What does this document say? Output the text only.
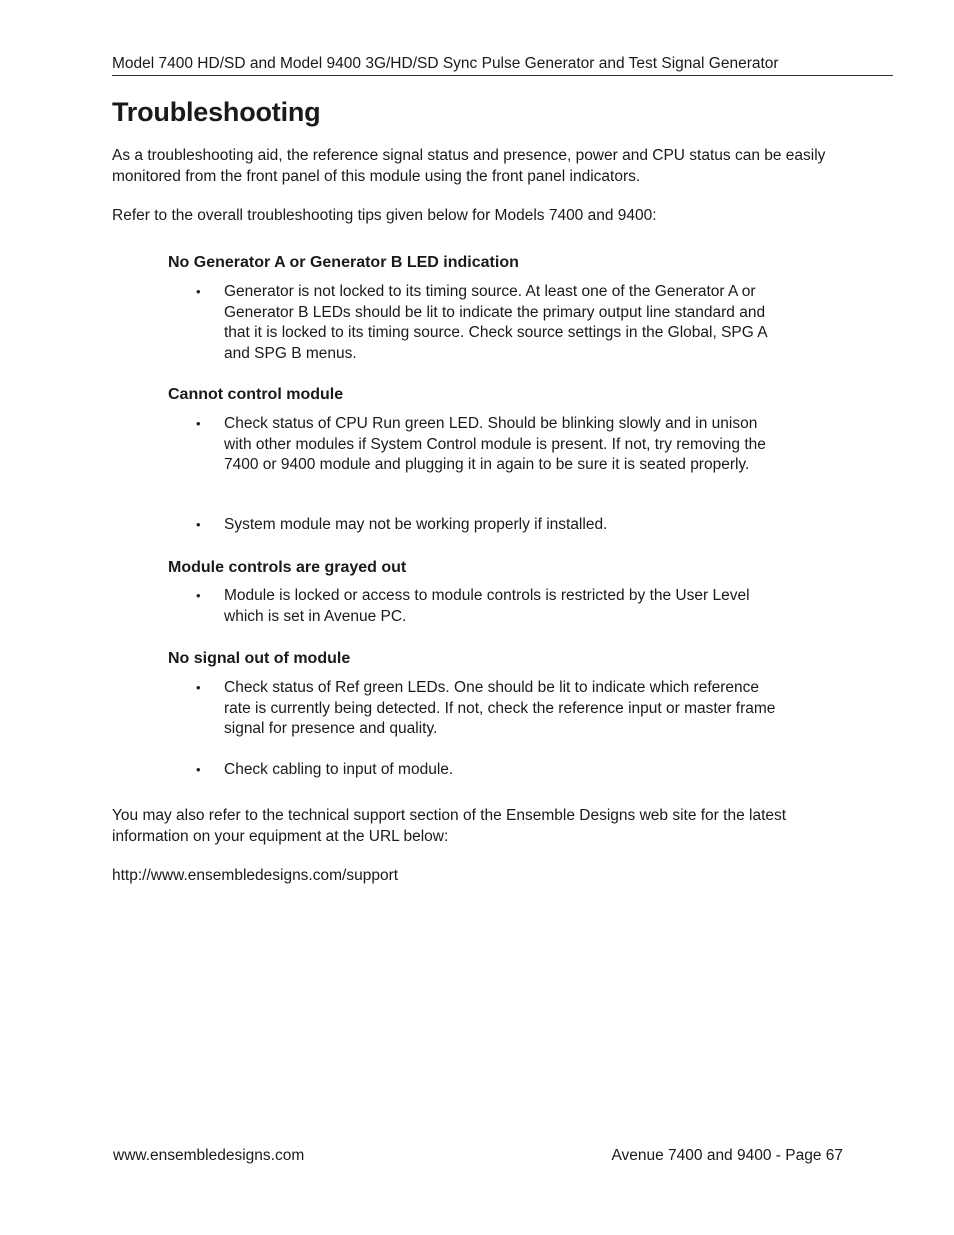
Model 7400 HD/SD and Model 9400 3G/HD/SD Sync Pulse Generator and Test Signal Generator
Troubleshooting

As a troubleshooting aid, the reference signal status and presence, power and CPU status can be easily monitored from the front panel of this module using the front panel indicators.

Refer to the overall troubleshooting tips given below for Models 7400 and 9400:

No Generator A or Generator B LED indication
•	Generator is not locked to its timing source. At least one of the Generator A or Generator B LEDs should be lit to indicate the primary output line standard and that it is locked to its timing source. Check source settings in the Global, SPG A and SPG B menus.
Cannot control module
•	Check status of CPU Run green LED. Should be blinking slowly and in unison with other modules if System Control module is present. If not, try removing the 7400 or 9400 module and plugging it in again to be sure it is seated properly.
•	System module may not be working properly if installed.
Module controls are grayed out
•	Module is locked or access to module controls is restricted by the User Level which is set in Avenue PC.
No signal out of module
•	Check status of Ref green LEDs. One should be lit to indicate which reference rate is currently being detected. If not, check the reference input or master frame signal for presence and quality.
•	Check cabling to input of module.

You may also refer to the technical support section of the Ensemble Designs web site for the latest information on your equipment at the URL below:

http://www.ensembledesigns.com/support

www.ensembledesigns.com	Avenue 7400 and 9400 - Page 67
